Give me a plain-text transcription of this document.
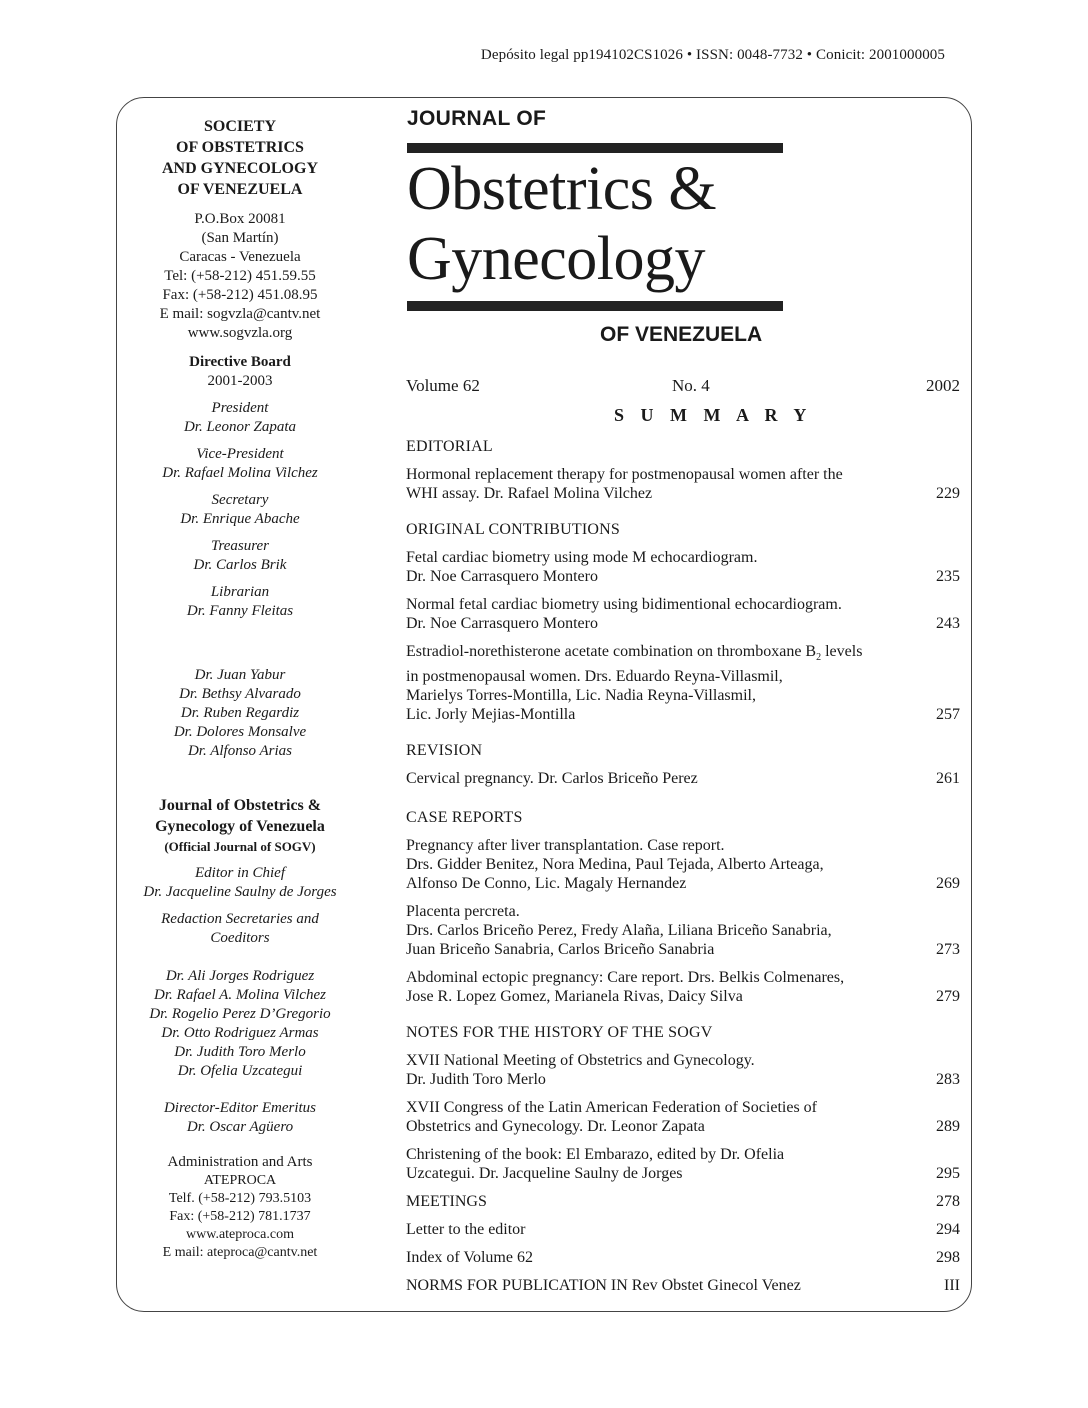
Depósito legal pp194102CS1026 • ISSN: 0048-7732 • Conicit: 2001000005
SOCIETY
OF OBSTETRICS
AND GYNECOLOGY
OF VENEZUELA
P.O.Box 20081
(San Martín)
Caracas - Venezuela
Tel: (+58-212) 451.59.55
Fax: (+58-212) 451.08.95
E mail: sogvzla@cantv.net
www.sogvzla.org
Directive Board
2001-2003
President
Dr. Leonor Zapata
Vice-President
Dr. Rafael Molina Vilchez
Secretary
Dr. Enrique Abache
Treasurer
Dr. Carlos Brik
Librarian
Dr. Fanny Fleitas
Dr. Juan Yabur
Dr. Bethsy Alvarado
Dr. Ruben Regardiz
Dr. Dolores Monsalve
Dr. Alfonso Arias
Journal of Obstetrics &
Gynecology of Venezuela
(Official Journal of SOGV)
Editor in Chief
Dr. Jacqueline Saulny de Jorges
Redaction Secretaries and
Coeditors
Dr. Ali Jorges Rodriguez
Dr. Rafael A. Molina Vilchez
Dr. Rogelio Perez D’Gregorio
Dr. Otto Rodriguez Armas
Dr. Judith Toro Merlo
Dr. Ofelia Uzcategui
Director-Editor Emeritus
Dr. Oscar Agüero
Administration and Arts
ATEPROCA
Telf. (+58-212) 793.5103
Fax: (+58-212) 781.1737
www.ateproca.com
E mail: ateproca@cantv.net
JOURNAL OF
Obstetrics &
Gynecology
OF VENEZUELA
Volume 62	No. 4	2002
S U M M A R Y
EDITORIAL
Hormonal replacement therapy for postmenopausal women after the
WHI assay. Dr. Rafael Molina Vilchez	229
ORIGINAL CONTRIBUTIONS
Fetal cardiac biometry using mode M echocardiogram.
Dr. Noe Carrasquero Montero	235
Normal fetal cardiac biometry using bidimentional echocardiogram.
Dr. Noe Carrasquero Montero	243
Estradiol-norethisterone acetate combination on thromboxane $B_2$ levels
in postmenopausal women. Drs. Eduardo Reyna-Villasmil,
Marielys Torres-Montilla, Lic. Nadia Reyna-Villasmil,
Lic. Jorly Mejias-Montilla	257
REVISION
Cervical pregnancy. Dr. Carlos Briceño Perez	261
CASE REPORTS
Pregnancy after liver transplantation. Case report.
Drs. Gidder Benitez, Nora Medina, Paul Tejada, Alberto Arteaga,
Alfonso De Conno, Lic. Magaly Hernandez	269
Placenta percreta.
Drs. Carlos Briceño Perez, Fredy Alaña, Liliana Briceño Sanabria,
Juan Briceño Sanabria, Carlos Briceño Sanabria	273
Abdominal ectopic pregnancy: Care report. Drs. Belkis Colmenares,
Jose R. Lopez Gomez, Marianela Rivas, Daicy Silva	279
NOTES FOR THE HISTORY OF THE SOGV
XVII National Meeting of Obstetrics and Gynecology.
Dr. Judith Toro Merlo	283
XVII Congress of the Latin American Federation of Societies of
Obstetrics and Gynecology. Dr. Leonor Zapata	289
Christening of the book: El Embarazo, edited by Dr. Ofelia
Uzcategui. Dr. Jacqueline Saulny de Jorges	295
MEETINGS	278
Letter to the editor	294
Index of Volume 62	298
NORMS FOR PUBLICATION IN Rev Obstet Ginecol Venez	III
